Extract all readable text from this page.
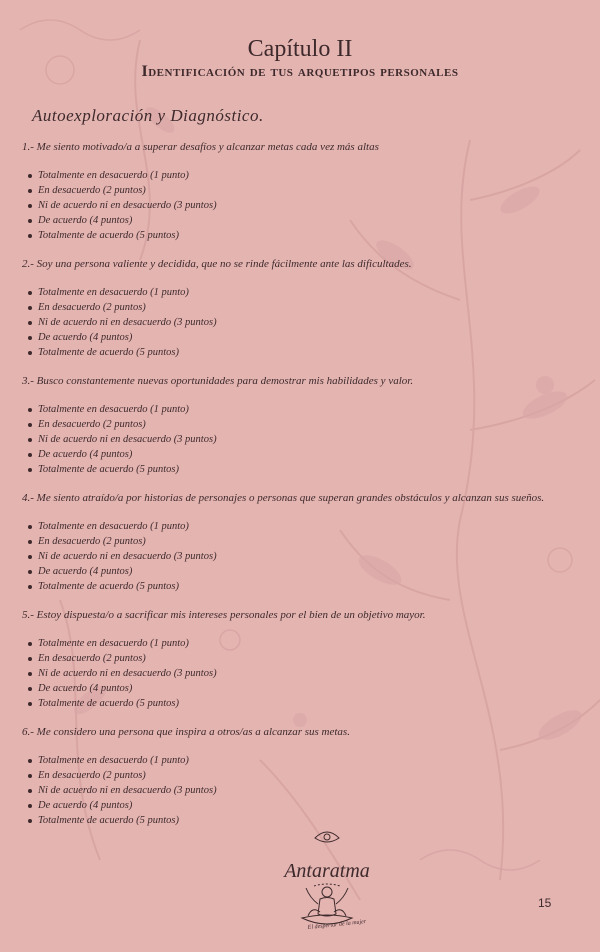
Capítulo II
Identificación de tus arquetipos personales
Autoexploración y Diagnóstico.
1.- Me siento motivado/a a superar desafíos y alcanzar metas cada vez más altas
Totalmente en desacuerdo (1 punto)
En desacuerdo (2 puntos)
Ni de acuerdo ni en desacuerdo (3 puntos)
De acuerdo (4 puntos)
Totalmente de acuerdo (5 puntos)
2.- Soy una persona valiente y decidida, que no se rinde fácilmente ante las dificultades.
Totalmente en desacuerdo (1 punto)
En desacuerdo (2 puntos)
Ni de acuerdo ni en desacuerdo (3 puntos)
De acuerdo (4 puntos)
Totalmente de acuerdo (5 puntos)
3.- Busco constantemente nuevas oportunidades para demostrar mis habilidades y valor.
Totalmente en desacuerdo (1 punto)
En desacuerdo (2 puntos)
Ni de acuerdo ni en desacuerdo (3 puntos)
De acuerdo (4 puntos)
Totalmente de acuerdo (5 puntos)
4.- Me siento atraído/a por historias de personajes o personas que superan grandes obstáculos y alcanzan sus sueños.
Totalmente en desacuerdo (1 punto)
En desacuerdo (2 puntos)
Ni de acuerdo ni en desacuerdo (3 puntos)
De acuerdo (4 puntos)
Totalmente de acuerdo (5 puntos)
5.- Estoy dispuesta/o a sacrificar mis intereses personales por el bien de un objetivo mayor.
Totalmente en desacuerdo (1 punto)
En desacuerdo (2 puntos)
Ni de acuerdo ni en desacuerdo (3 puntos)
De acuerdo (4 puntos)
Totalmente de acuerdo (5 puntos)
6.- Me considero una persona que inspira a otros/as a alcanzar sus metas.
Totalmente en desacuerdo (1 punto)
En desacuerdo (2 puntos)
Ni de acuerdo ni en desacuerdo (3 puntos)
De acuerdo (4 puntos)
Totalmente de acuerdo (5 puntos)
Antaratma
El despertar de la mujer
15
